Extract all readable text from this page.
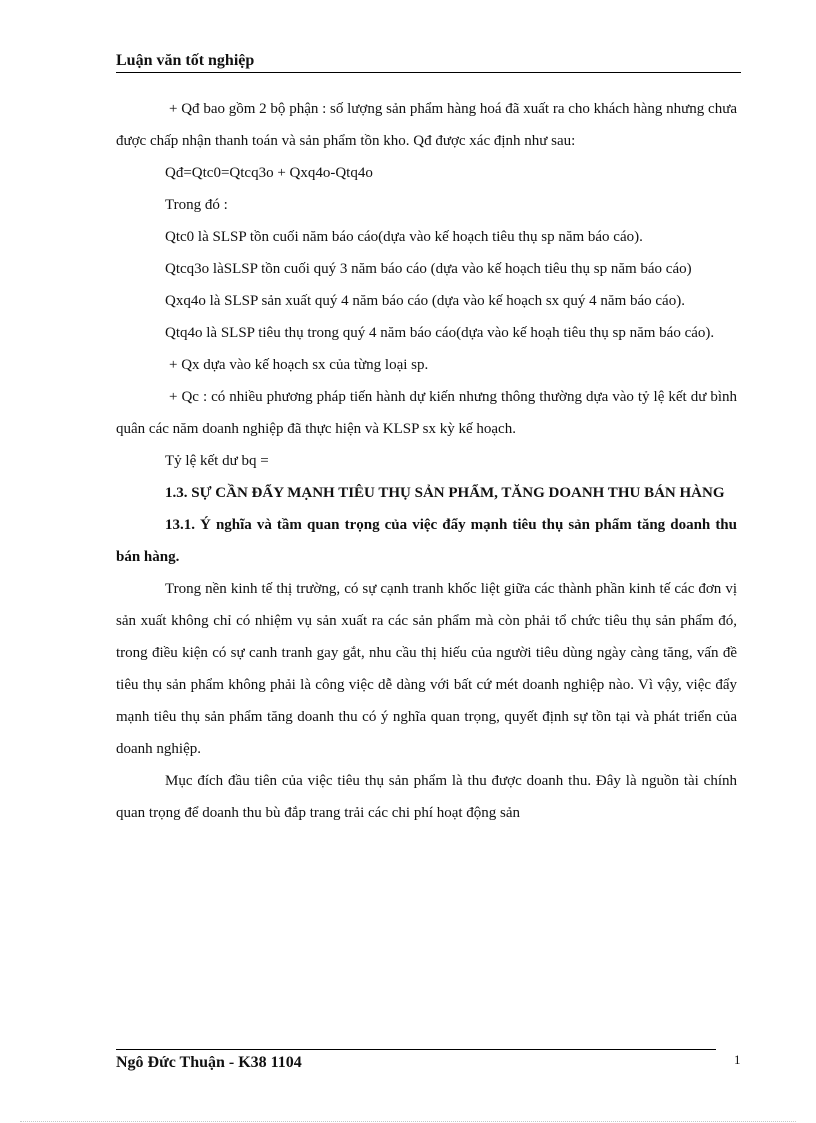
Luận văn tốt nghiệp

+ Qđ bao gồm 2 bộ phận : số lượng sản phẩm hàng hoá đã xuất ra cho khách hàng nhưng chưa được chấp nhận thanh toán và sản phẩm tồn kho. Qđ được xác định như sau:

Qđ=Qtc0=Qtcq3o + Qxq4o-Qtq4o

Trong đó :

Qtc0 là SLSP tồn cuối năm báo cáo(dựa vào kế hoạch tiêu thụ sp năm báo cáo).

Qtcq3o làSLSP tồn cuối quý 3 năm báo cáo (dựa vào kế hoạch tiêu thụ sp năm báo cáo)

Qxq4o là SLSP sản xuất quý 4 năm báo cáo (dựa vào kế hoạch sx quý 4 năm báo cáo).

Qtq4o là SLSP tiêu thụ trong quý 4 năm báo cáo(dựa vào kế hoạh tiêu thụ sp năm báo cáo).

+ Qx dựa vào kế hoạch sx của từng loại sp.

+ Qc : có nhiều phương pháp tiến hành dự kiến nhưng thông thường dựa vào tỷ lệ kết dư bình quân các năm doanh nghiệp đã thực hiện và KLSP sx kỳ kế hoạch.

Tỷ lệ kết dư bq =

1.3. SỰ CẦN ĐẨY MẠNH TIÊU THỤ SẢN PHẨM, TĂNG DOANH THU BÁN HÀNG

13.1. Ý nghĩa và tầm quan trọng của việc đẩy mạnh tiêu thụ sản phẩm tăng doanh thu bán hàng.

Trong nền kinh tế thị trường, có sự cạnh tranh khốc liệt giữa các thành phần kinh tế các đơn vị sản xuất không chỉ có nhiệm vụ sản xuất ra các sản phẩm mà còn phải tổ chức tiêu thụ sản phẩm đó, trong điều kiện có sự canh tranh gay gắt, nhu cầu thị hiếu của người tiêu dùng ngày càng tăng, vấn đề tiêu thụ sản phẩm không phải là công việc dễ dàng với bất cứ mét doanh nghiệp nào. Vì vậy, việc đẩy mạnh tiêu thụ sản phẩm tăng doanh thu có ý nghĩa quan trọng, quyết định sự tồn tại và phát triển của doanh nghiệp.

Mục đích đầu tiên của việc tiêu thụ sản phẩm là thu được doanh thu. Đây là nguồn tài chính quan trọng để doanh thu bù đắp trang trải các chi phí hoạt động sản

Ngô Đức Thuận - K38 1104	1
